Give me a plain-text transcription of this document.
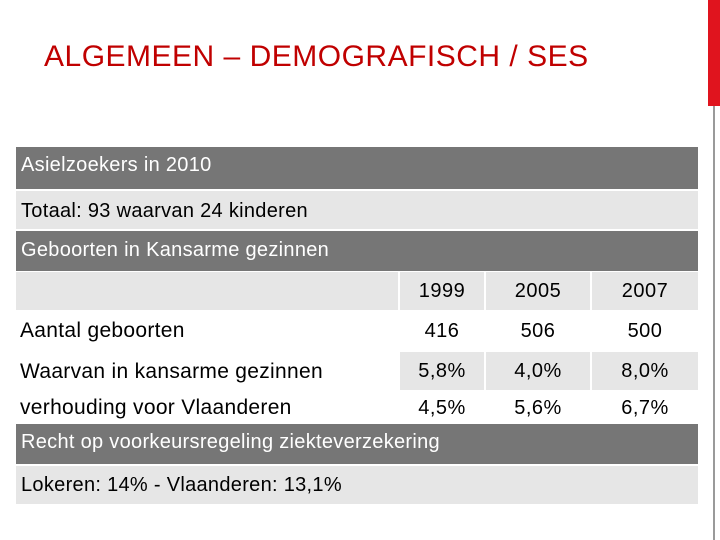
ALGEMEEN – DEMOGRAFISCH / SES
Asielzoekers in 2010
Totaal: 93 waarvan 24 kinderen
Geboorten in Kansarme gezinnen
1999	2005	2007
Aantal geboorten	416	506	500
Waarvan in kansarme gezinnen	5,8%	4,0%	8,0%
verhouding voor Vlaanderen	4,5%	5,6%	6,7%
Recht op voorkeursregeling ziekteverzekering
Lokeren: 14% - Vlaanderen: 13,1%
